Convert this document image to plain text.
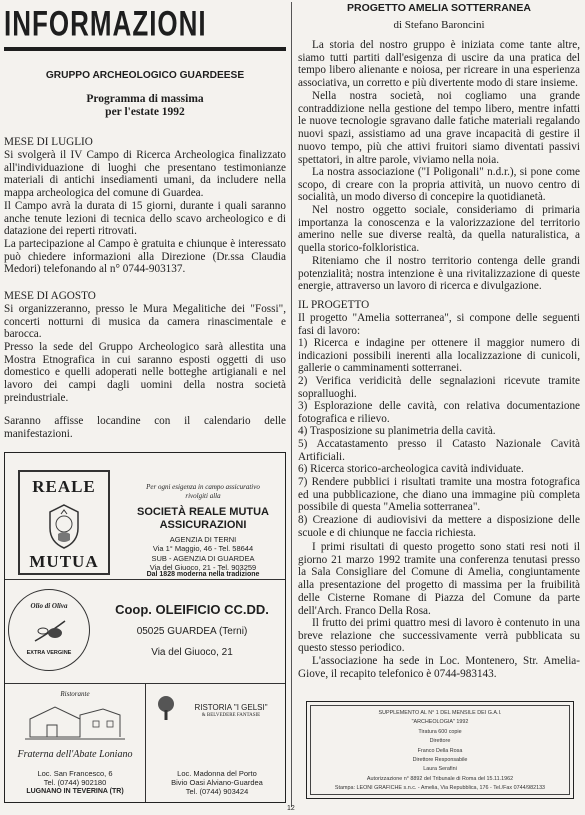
INFORMAZIONI
GRUPPO ARCHEOLOGICO GUARDEESE
Programma di massima
per l'estate 1992
MESE DI LUGLIO

Si svolgerà il IV Campo di Ricerca Archeologica finalizzato all'individuazione di luoghi che presentano testimonianze materiali di antichi insediamenti umani, da includere nella mappa archeologica del comune di Guardea.

Il Campo avrà la durata di 15 giorni, durante i quali saranno anche tenute lezioni di tecnica dello scavo archeologico e di datazione dei reperti ritrovati.

La partecipazione al Campo è gratuita e chiunque è interessato può chiedere informazioni alla Direzione (Dr.ssa Claudia Medori) telefonando al n° 0744-903137.

MESE DI AGOSTO

Si organizzeranno, presso le Mura Megalitiche dei "Fossi", concerti notturni di musica da camera rinascimentale e barocca.

Presso la sede del Gruppo Archeologico sarà allestita una Mostra Etnografica in cui saranno esposti oggetti di uso domestico e quelli adoperati nelle botteghe artigianali e nel lavoro dei campi dagli uomini della nostra società preindustriale.

Saranno affisse locandine con il calendario delle manifestazioni.

REALE
MUTUA
Per ogni esigenza in campo assicurativo
rivolgiti alla
SOCIETÀ REALE MUTUA
ASSICURAZIONI
AGENZIA DI TERNI
Via 1° Maggio, 46 - Tel. 58644
SUB - AGENZIA DI GUARDEA
Via del Giuoco, 21 - Tel. 903259
Dal 1828 moderna nella tradizione
Olio di Oliva
EXTRA VERGINE
Coop. OLEIFICIO CC.DD.
05025 GUARDEA (Terni)
Via del Giuoco, 21
Ristorante
Fraterna dell'Abate Loniano
Loc. San Francesco, 6
Tel. (0744) 902180
LUGNANO IN TEVERINA (TR)
RISTORIA "I GELSI"
& BELVEDERE FANTASIE
Loc. Madonna del Porto
Bivio Oasi Alviano-Guardea
Tel. (0744) 903424
PROGETTO AMELIA SOTTERRANEA
di Stefano Baroncini

La storia del nostro gruppo è iniziata come tante altre, siamo tutti partiti dall'esigenza di uscire da una pratica del tempo libero alienante e noiosa, per ricreare in una esperienza associativa, un corretto e più divertente modo di stare insieme.

Nella nostra società, noi cogliamo una grande contraddizione nella gestione del tempo libero, mentre infatti le nuove tecnologie sgravano dalle fatiche materiali regalando nuovi spazi, assistiamo ad una grave incapacità di gestire il nuovo tempo, più che attivi fruitori siamo diventati passivi spettatori, in altre parole, viviamo nella noia.

La nostra associazione ("I Poligonali" n.d.r.), si pone come scopo, di creare con la propria attività, un nuovo centro di socialità, un modo diverso di concepire la quotidianetà.

Nel nostro oggetto sociale, consideriamo di primaria importanza la conoscenza e la valorizzazione del territorio amerino nelle sue diverse realtà, da quella naturalistica, a quella storico-folkloristica.

Riteniamo che il nostro territorio contenga delle grandi potenzialità; nostra intenzione è una rivitalizzazione di queste energie, attraverso un lavoro di ricerca e divulgazione.

IL PROGETTO

Il progetto "Amelia sotterranea", si compone delle seguenti fasi di lavoro:

1) Ricerca e indagine per ottenere il maggior numero di indicazioni possibili inerenti alla localizzazione di cunicoli, gallerie o camminamenti sotterranei.

2) Verifica veridicità delle segnalazioni ricevute tramite sopralluoghi.

3) Esplorazione delle cavità, con relativa documentazione fotografica e rilievo.

4) Trasposizione su planimetria della cavità.

5) Accatastamento presso il Catasto Nazionale Cavità Artificiali.

6) Ricerca storico-archeologica cavità individuate.

7) Rendere pubblici i risultati tramite una mostra fotografica ed una pubblicazione, che diano una immagine più completa possibile di questa "Amelia sotterranea".

8) Creazione di audiovisivi da mettere a disposizione delle scuole e di chiunque ne faccia richiesta.

I primi risultati di questo progetto sono stati resi noti il giorno 21 marzo 1992 tramite una conferenza tenutasi presso la Sala Consigliare del Comune di Amelia, congiuntamente alla presentazione del progetto di massima per la fruibilità delle Cisterne Romane di Piazza del Comune da parte dell'Arch. Franco Della Rosa.

Il frutto dei primi quattro mesi di lavoro è contenuto in una breve relazione che successivamente verrà pubblicata su questo stesso periodico.

SUPPLEMENTO AL N° 1 DEL MENSILE DEI G.A.I.
"ARCHEOLOGIA" 1992
Tiratura 600 copie
Direttore
Franco Della Rosa
Direttore Responsabile
Laura Serafini
Autorizzazione n° 8892 del Tribunale di Roma del 15.11.1962
Stampa: LEONI GRAFICHE s.n.c. - Amelia, Via Repubblica, 176 - Tel./Fax 0744/982133
12

L'associazione ha sede in Loc. Montenero, Str. Amelia-Giove, il recapito telefonico è 0744-983143.
